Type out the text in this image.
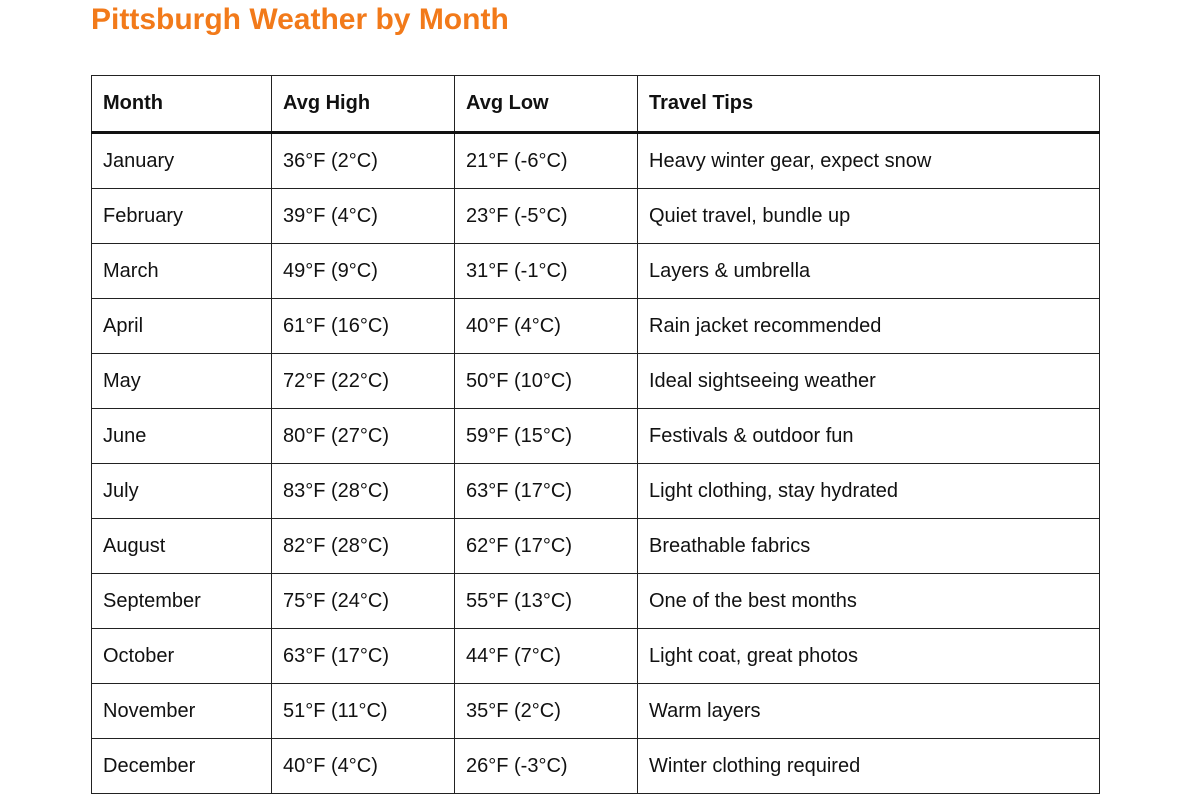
Pittsburgh Weather by Month
Month	Avg High	Avg Low	Travel Tips
January	36°F (2°C)	21°F (-6°C)	Heavy winter gear, expect snow
February	39°F (4°C)	23°F (-5°C)	Quiet travel, bundle up
March	49°F (9°C)	31°F (-1°C)	Layers & umbrella
April	61°F (16°C)	40°F (4°C)	Rain jacket recommended
May	72°F (22°C)	50°F (10°C)	Ideal sightseeing weather
June	80°F (27°C)	59°F (15°C)	Festivals & outdoor fun
July	83°F (28°C)	63°F (17°C)	Light clothing, stay hydrated
August	82°F (28°C)	62°F (17°C)	Breathable fabrics
September	75°F (24°C)	55°F (13°C)	One of the best months
October	63°F (17°C)	44°F (7°C)	Light coat, great photos
November	51°F (11°C)	35°F (2°C)	Warm layers
December	40°F (4°C)	26°F (-3°C)	Winter clothing required
